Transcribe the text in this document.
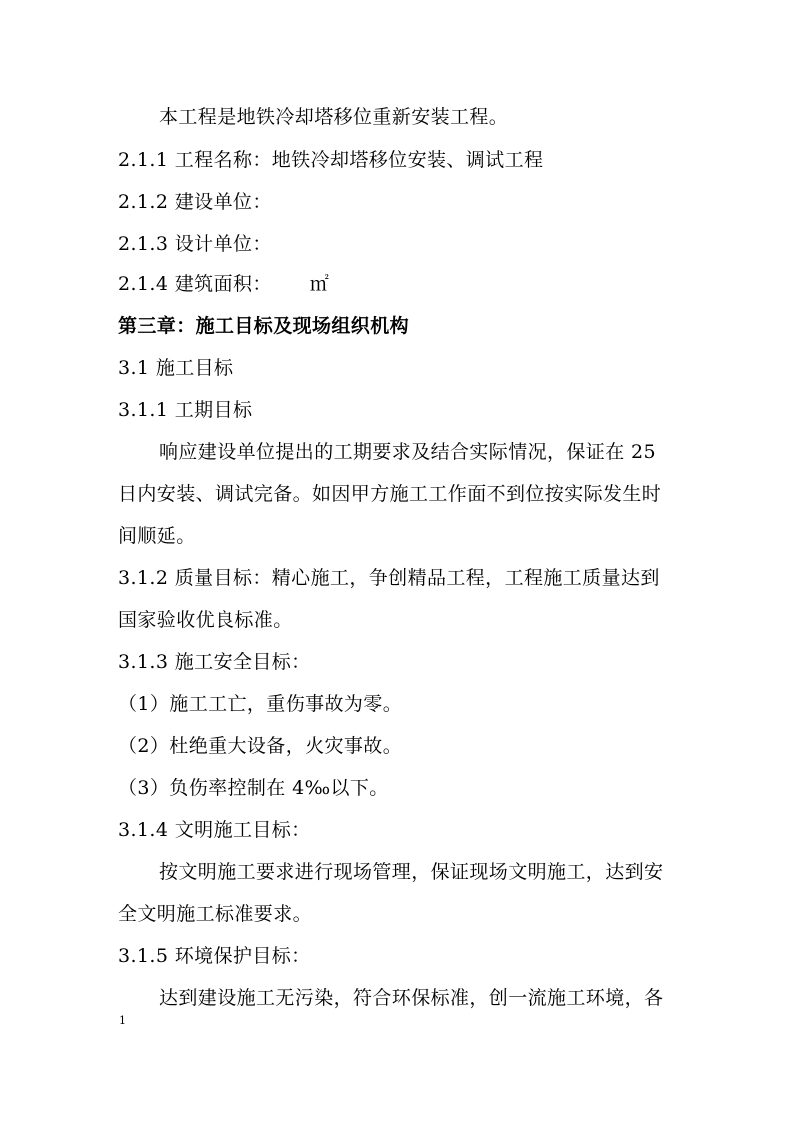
本工程是地铁冷却塔移位重新安装工程。
2.1.1 工程名称：地铁冷却塔移位安装、调试工程
2.1.2 建设单位：
2.1.3 设计单位：
2.1.4 建筑面积： ㎡
第三章：施工目标及现场组织机构
3.1 施工目标
3.1.1 工期目标
响应建设单位提出的工期要求及结合实际情况，保证在 25
日内安装、调试完备。如因甲方施工工作面不到位按实际发生时
间顺延。
3.1.2 质量目标：精心施工，争创精品工程，工程施工质量达到
国家验收优良标准。
3.1.3 施工安全目标：
（1）施工工亡，重伤事故为零。
（2）杜绝重大设备，火灾事故。
（3）负伤率控制在 4‰以下。
3.1.4 文明施工目标：
按文明施工要求进行现场管理，保证现场文明施工，达到安
全文明施工标准要求。
3.1.5 环境保护目标：
达到建设施工无污染，符合环保标准，创一流施工环境，各
1
